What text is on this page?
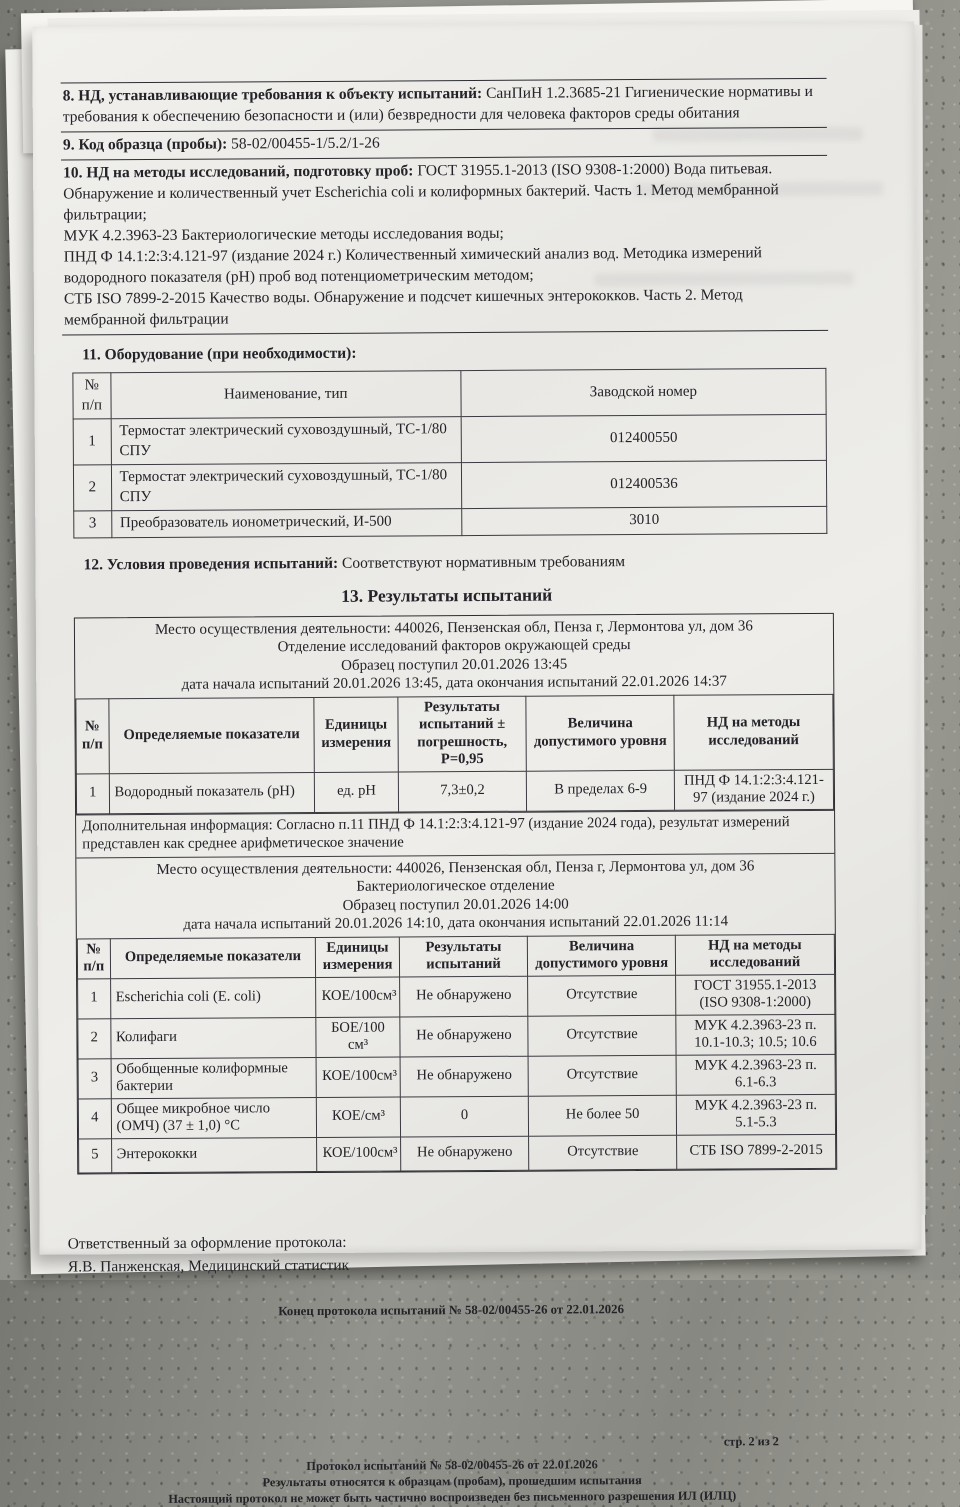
8. НД, устанавливающие требования к объекту испытаний: СанПиН 1.2.3685-21 Гигиенические нормативы и требования к обеспечению безопасности и (или) безвредности для человека факторов среды обитания
9. Код образца (пробы): 58-02/00455-1/5.2/1-26
10. НД на методы исследований, подготовку проб: ГОСТ 31955.1-2013 (ISO 9308-1:2000) Вода питьевая. Обнаружение и количественный учет Escherichia coli и колиформных бактерий. Часть 1. Метод мембранной фильтрации;
МУК 4.2.3963-23 Бактериологические методы исследования воды;
ПНД Ф 14.1:2:3:4.121-97 (издание 2024 г.) Количественный химический анализ вод. Методика измерений водородного показателя (рН) проб вод потенциометрическим методом;
СТБ ISO 7899-2-2015 Качество воды. Обнаружение и подсчет кишечных энтерококков. Часть 2. Метод мембранной фильтрации
11. Оборудование (при необходимости):
№
п/п	Наименование, тип	Заводской номер
1	Термостат электрический суховоздушный, ТС-1/80 СПУ	012400550
2	Термостат электрический суховоздушный, ТС-1/80 СПУ	012400536
3	Преобразователь ионометрический, И-500	3010
12. Условия проведения испытаний: Соответствуют нормативным требованиям
13. Результаты испытаний
Место осуществления деятельности: 440026, Пензенская обл, Пенза г, Лермонтова ул, дом 36
Отделение исследований факторов окружающей среды
Образец поступил 20.01.2026 13:45
дата начала испытаний 20.01.2026 13:45, дата окончания испытаний 22.01.2026 14:37
№
п/п	Определяемые показатели	Единицы измерения	Результаты испытаний ± погрешность, P=0,95	Величина допустимого уровня	НД на методы исследований
1	Водородный показатель (рН)	ед. рН	7,3±0,2	В пределах 6-9	ПНД Ф 14.1:2:3:4.121-97 (издание 2024 г.)
Дополнительная информация: Согласно п.11 ПНД Ф 14.1:2:3:4.121-97 (издание 2024 года), результат измерений представлен как среднее арифметическое значение
Место осуществления деятельности: 440026, Пензенская обл, Пенза г, Лермонтова ул, дом 36
Бактериологическое отделение
Образец поступил 20.01.2026 14:00
дата начала испытаний 20.01.2026 14:10, дата окончания испытаний 22.01.2026 11:14
№
п/п	Определяемые показатели	Единицы измерения	Результаты испытаний	Величина допустимого уровня	НД на методы исследований
1	Escherichia coli (E. coli)	КОЕ/100см³	Не обнаружено	Отсутствие	ГОСТ 31955.1-2013 (ISO 9308-1:2000)
2	Колифаги	БОЕ/100 см³	Не обнаружено	Отсутствие	МУК 4.2.3963-23 п. 10.1-10.3; 10.5; 10.6
3	Обобщенные колиформные бактерии	КОЕ/100см³	Не обнаружено	Отсутствие	МУК 4.2.3963-23 п. 6.1-6.3
4	Общее микробное число (ОМЧ) (37 ± 1,0) °С	КОЕ/см³	0	Не более 50	МУК 4.2.3963-23 п. 5.1-5.3
5	Энтерококки	КОЕ/100см³	Не обнаружено	Отсутствие	СТБ ISO 7899-2-2015
Ответственный за оформление протокола:
Я.В. Панженская, Медицинский статистик
Конец протокола испытаний № 58-02/00455-26 от 22.01.2026
стр. 2 из 2
Протокол испытаний № 58-02/00455-26 от 22.01.2026
Результаты относятся к образцам (пробам), прошедшим испытания
Настоящий протокол не может быть частично воспроизведен без письменного разрешения ИЛ (ИЛЦ)
